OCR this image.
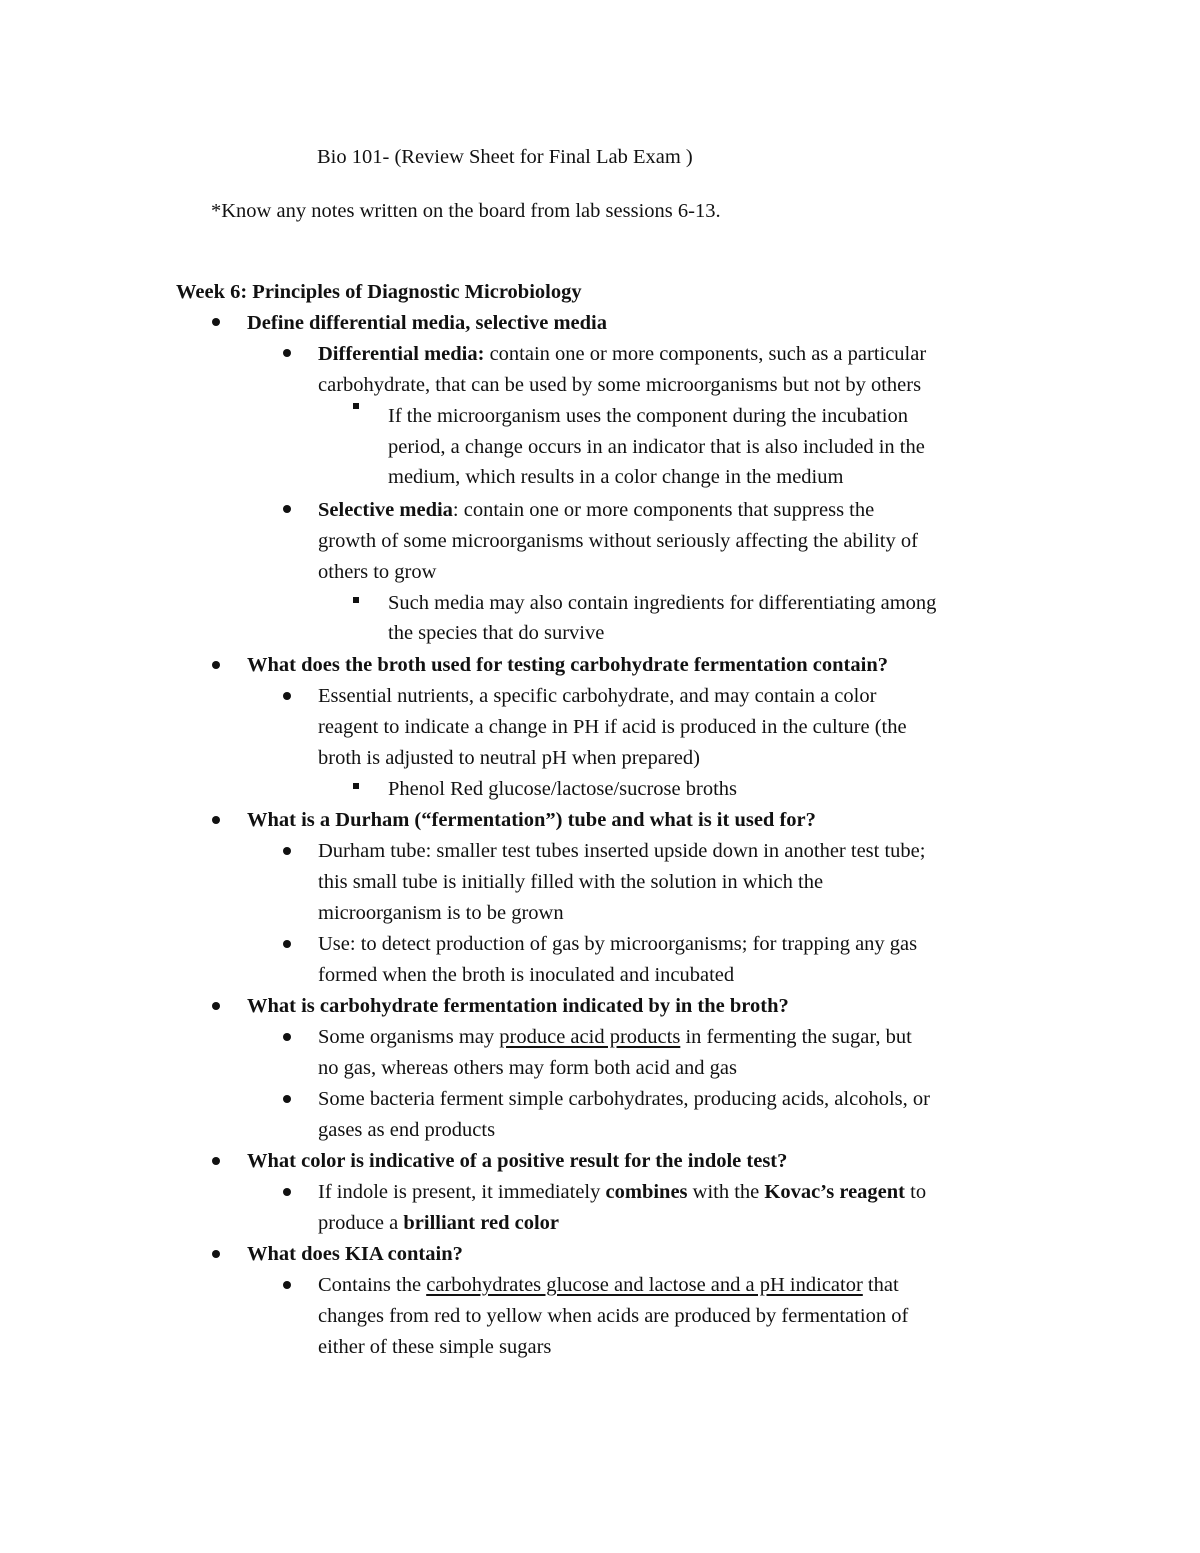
Bio 101- (Review Sheet for Final Lab Exam )
*Know any notes written on the board from lab sessions 6-13.
Week 6: Principles of Diagnostic Microbiology
Define differential media, selective media
Differential media: contain one or more components, such as a particular
carbohydrate, that can be used by some microorganisms but not by others
If the microorganism uses the component during the incubation
period, a change occurs in an indicator that is also included in the
medium, which results in a color change in the medium
Selective media: contain one or more components that suppress the
growth of some microorganisms without seriously affecting the ability of
others to grow
Such media may also contain ingredients for differentiating among
the species that do survive
What does the broth used for testing carbohydrate fermentation contain?
Essential nutrients, a specific carbohydrate, and may contain a color
reagent to indicate a change in PH if acid is produced in the culture (the
broth is adjusted to neutral pH when prepared)
Phenol Red glucose/lactose/sucrose broths
What is a Durham (“fermentation”) tube and what is it used for?
Durham tube: smaller test tubes inserted upside down in another test tube;
this small tube is initially filled with the solution in which the
microorganism is to be grown
Use: to detect production of gas by microorganisms; for trapping any gas
formed when the broth is inoculated and incubated
What is carbohydrate fermentation indicated by in the broth?
Some organisms may produce acid products in fermenting the sugar, but
no gas, whereas others may form both acid and gas
Some bacteria ferment simple carbohydrates, producing acids, alcohols, or
gases as end products
What color is indicative of a positive result for the indole test?
If indole is present, it immediately combines with the Kovac’s reagent to
produce a brilliant red color
What does KIA contain?
Contains the carbohydrates glucose and lactose and a pH indicator that
changes from red to yellow when acids are produced by fermentation of
either of these simple sugars
